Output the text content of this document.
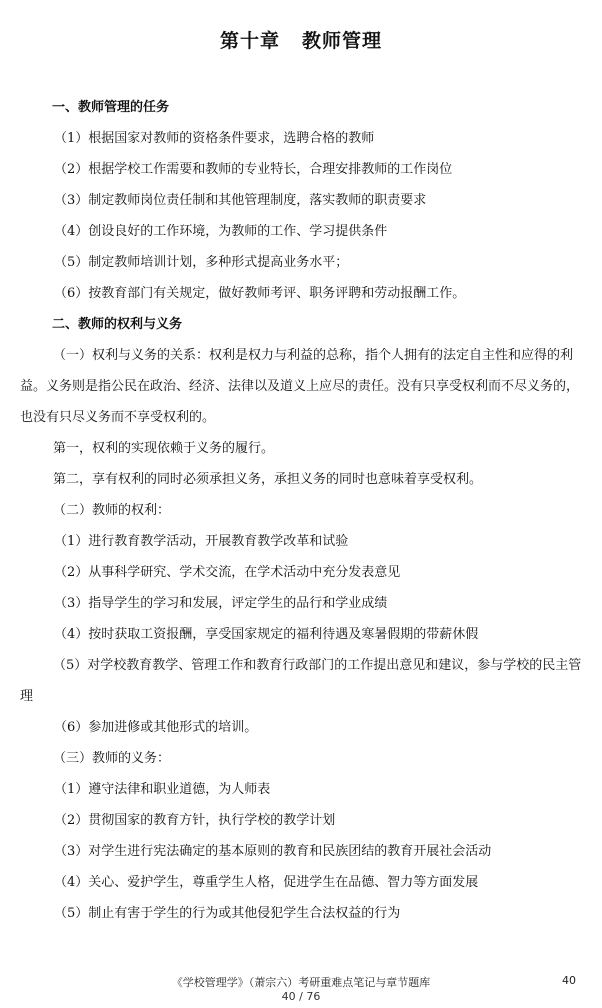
第十章 教师管理
一、教师管理的任务
（1）根据国家对教师的资格条件要求，选聘合格的教师
（2）根据学校工作需要和教师的专业特长，合理安排教师的工作岗位
（3）制定教师岗位责任制和其他管理制度，落实教师的职责要求
（4）创设良好的工作环境，为教师的工作、学习提供条件
（5）制定教师培训计划，多种形式提高业务水平；
（6）按教育部门有关规定，做好教师考评、职务评聘和劳动报酬工作。
二、教师的权利与义务
（一）权利与义务的关系：权利是权力与利益的总称，指个人拥有的法定自主性和应得的利益。义务则是指公民在政治、经济、法律以及道义上应尽的责任。没有只享受权利而不尽义务的，也没有只尽义务而不享受权利的。
第一，权利的实现依赖于义务的履行。
第二，享有权利的同时必须承担义务，承担义务的同时也意味着享受权利。
（二）教师的权利：
（1）进行教育教学活动，开展教育教学改革和试验
（2）从事科学研究、学术交流，在学术活动中充分发表意见
（3）指导学生的学习和发展，评定学生的品行和学业成绩
（4）按时获取工资报酬，享受国家规定的福利待遇及寒暑假期的带薪休假
（5）对学校教育教学、管理工作和教育行政部门的工作提出意见和建议，参与学校的民主管理
（6）参加进修或其他形式的培训。
（三）教师的义务：
（1）遵守法律和职业道德，为人师表
（2）贯彻国家的教育方针，执行学校的教学计划
（3）对学生进行宪法确定的基本原则的教育和民族团结的教育开展社会活动
（4）关心、爱护学生，尊重学生人格，促进学生在品德、智力等方面发展
（5）制止有害于学生的行为或其他侵犯学生合法权益的行为
《学校管理学》（萧宗六）考研重难点笔记与章节题库	40
40 / 76
